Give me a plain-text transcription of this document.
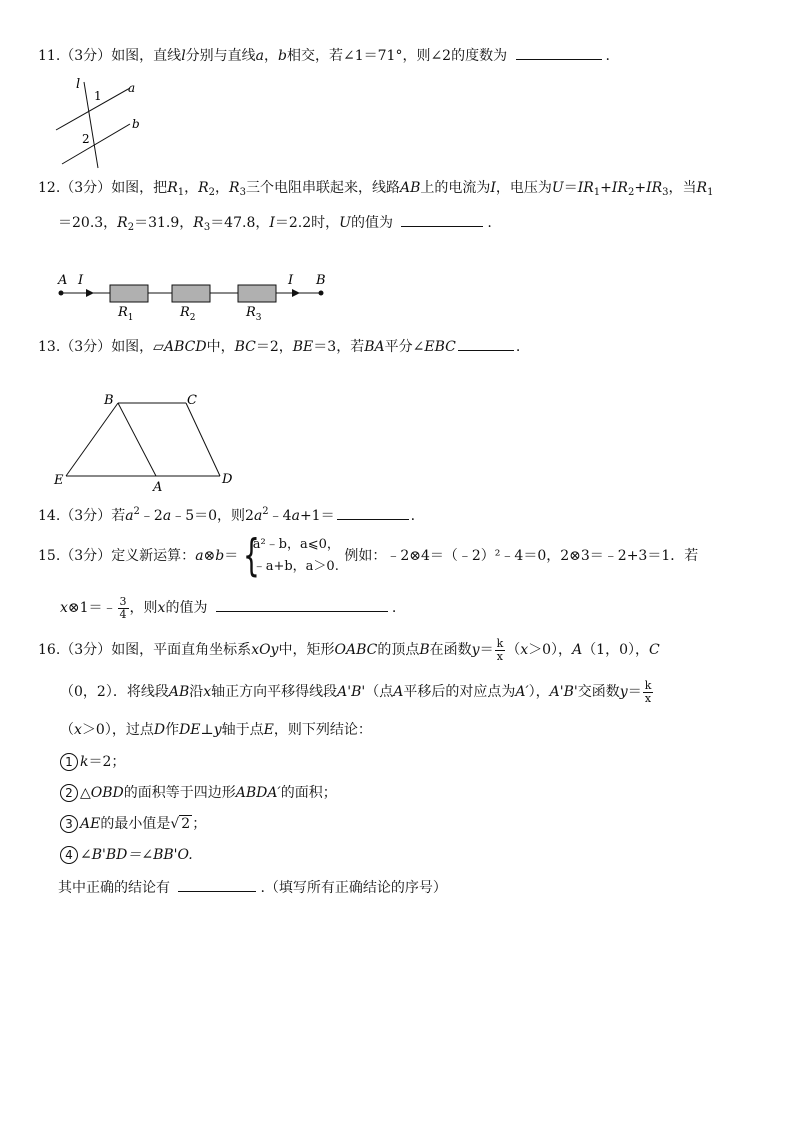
11.（3分）如图，直线l分别与直线a，b相交，若∠1＝71°，则∠2的度数为	.
l
1
a
2
b
12.（3分）如图，把$R_1$，$R_2$，$R_3$三个电阻串联起来，线路AB上的电流为I，电压为$U=IR_1+IR_2+IR_3$，当$R_1$
＝20.3，$R_2=31.9$，$R_3=47.8$，I＝2.2时，U的值为	.
A I	I B
$R_1$	$R_2$	$R_3$
13.（3分）如图，▱ABCD中，BC＝2，BE＝3，若BA平分∠EBC	.
B	C
E	A
D
14.（3分）若$a^2﹣2a﹣5=0$，则$2a^2﹣4a+1=$	.
15.（3分）定义新运算：a⊗b＝ {
a²﹣b，a⩽0，
﹣a+b，a＞0.
例如：﹣2⊗4＝（﹣2）²﹣4＝0，2⊗3＝﹣2+3＝1．若
x⊗1＝﹣ $\frac{3}{4}$ ，则x的值为	.
16.（3分）如图，平面直角坐标系xOy中，矩形OABC的顶点B在函数$y= \frac{k}{x} (x>0)$，A（1，0），C
（0，2）．将线段AB沿x轴正方向平移得线段A'B'（点A平移后的对应点为A′），A'B'交函数$y= \frac{k}{x}$
（x＞0），过点D作DE⊥y轴于点E，则下列结论：
1 k＝2；
2 △OBD的面积等于四边形ABDA′的面积；
3 AE的最小值是√ 2 ；
4 ∠B'BD＝∠BB'O.
其中正确的结论有	.（填写所有正确结论的序号）
